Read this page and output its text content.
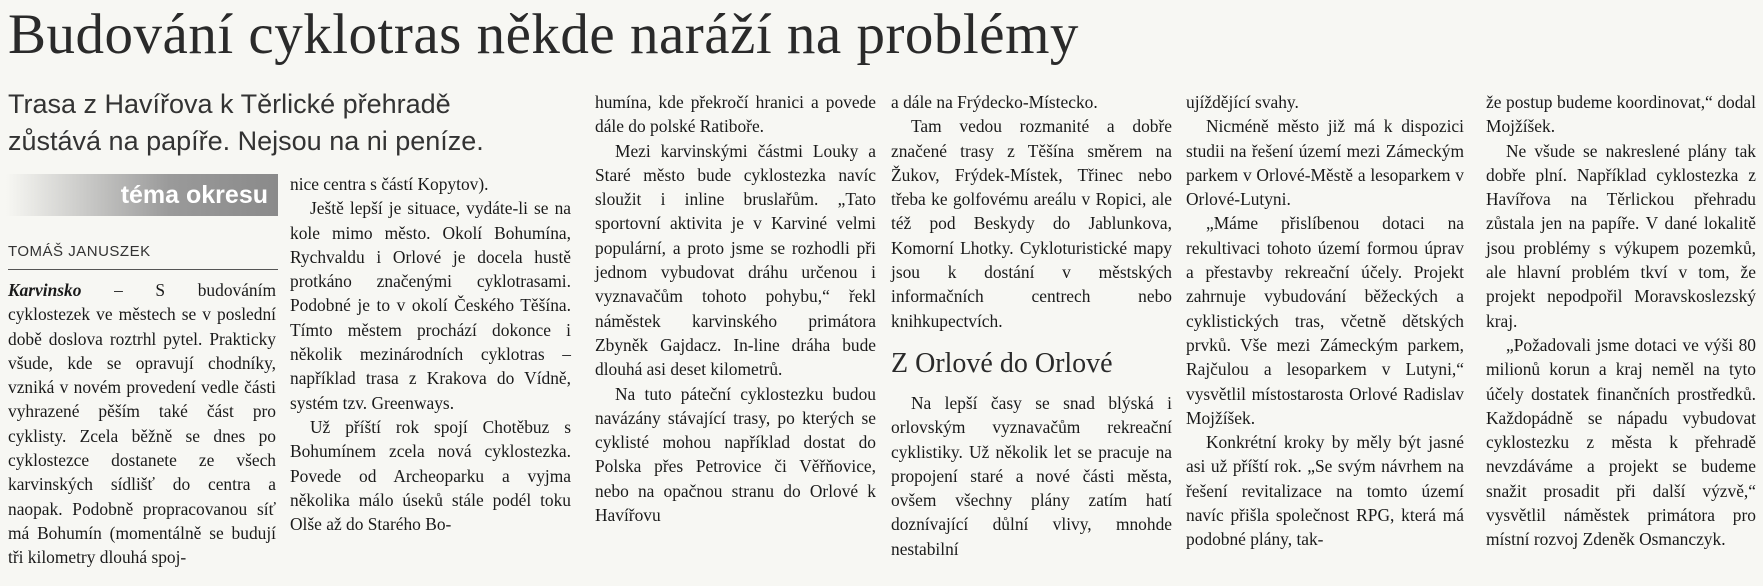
Budování cyklotras někde naráží na problémy
Trasa z Havířova k Těrlické přehradě zůstává na papíře. Nejsou na ni peníze.
téma okresu
TOMÁŠ JANUSZEK

Karvinsko – S budováním cyklostezek ve městech se v poslední době doslova roztrhl pytel. Prakticky všude, kde se opravují chodníky, vzniká v novém provedení vedle části vyhrazené pěším také část pro cyklisty. Zcela běžně se dnes po cyklostezce dostanete ze všech karvinských sídlišť do centra a naopak. Podobně propracovanou síť má Bohumín (momentálně se budují tři kilometry dlouhá spoj-

nice centra s částí Kopytov).

Ještě lepší je situace, vydáte-li se na kole mimo město. Okolí Bohumína, Rychvaldu i Orlové je docela hustě protkáno značenými cyklotrasami. Podobné je to v okolí Českého Těšína. Tímto městem prochází dokonce i několik mezinárodních cyklotras – například trasa z Krakova do Vídně, systém tzv. Greenways.

Už příští rok spojí Chotěbuz s Bohumínem zcela nová cyklostezka. Povede od Archeoparku a vyjma několika málo úseků stále podél toku Olše až do Starého Bo-

humína, kde překročí hranici a povede dále do polské Ratiboře.

Mezi karvinskými částmi Louky a Staré město bude cyklostezka navíc sloužit i inline bruslařům. „Tato sportovní aktivita je v Karviné velmi populární, a proto jsme se rozhodli při jednom vybudovat dráhu určenou i vyznavačům tohoto pohybu,“ řekl náměstek karvinského primátora Zbyněk Gajdacz. In-line dráha bude dlouhá asi deset kilometrů.

Na tuto páteční cyklostezku budou navázány stávající trasy, po kterých se cyklisté mohou například dostat do Polska přes Petrovice či Věřňovice, nebo na opačnou stranu do Orlové k Havířovu

a dále na Frýdecko-Místecko.

Tam vedou rozmanité a dobře značené trasy z Těšína směrem na Žukov, Frýdek-Místek, Třinec nebo třeba ke golfovému areálu v Ropici, ale též pod Beskydy do Jablunkova, Komorní Lhotky. Cykloturistické mapy jsou k dostání v městských informačních centrech nebo knihkupectvích.

Z Orlové do Orlové

Na lepší časy se snad blýská i orlovským vyznavačům rekreační cyklistiky. Už několik let se pracuje na propojení staré a nové části města, ovšem všechny plány zatím hatí doznívající důlní vlivy, mnohde nestabilní

ujíždějící svahy.

Nicméně město již má k dispozici studii na řešení území mezi Zámeckým parkem v Orlové-Městě a lesoparkem v Orlové-Lutyni.

„Máme přislíbenou dotaci na rekultivaci tohoto území formou úprav a přestavby rekreační účely. Projekt zahrnuje vybudování běžeckých a cyklistických tras, včetně dětských prvků. Vše mezi Zámeckým parkem, Rajčulou a lesoparkem v Lutyni,“ vysvětlil místostarosta Orlové Radislav Mojžíšek.

Konkrétní kroky by měly být jasné asi už příští rok. „Se svým návrhem na řešení revitalizace na tomto území navíc přišla společnost RPG, která má podobné plány, tak-

že postup budeme koordinovat,“ dodal Mojžíšek.

Ne všude se nakreslené plány tak dobře plní. Například cyklostezka z Havířova na Těrlickou přehradu zůstala jen na papíře. V dané lokalitě jsou problémy s výkupem pozemků, ale hlavní problém tkví v tom, že projekt nepodpořil Moravskoslezský kraj.

„Požadovali jsme dotaci ve výši 80 milionů korun a kraj neměl na tyto účely dostatek finančních prostředků. Každopádně se nápadu vybudovat cyklostezku z města k přehradě nevzdáváme a projekt se budeme snažit prosadit při další výzvě,“ vysvětlil náměstek primátora pro místní rozvoj Zdeněk Osmanczyk.
